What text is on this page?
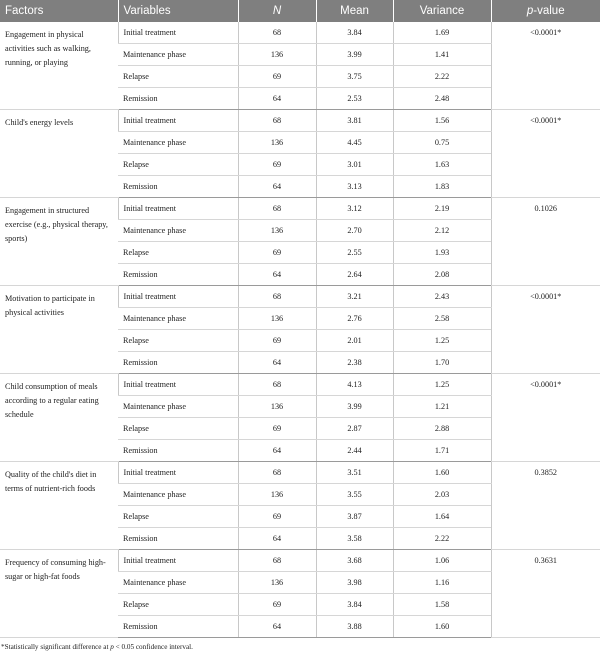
Factors	Variables	N	Mean	Variance	p-value
Engagement in physical activities such as walking, running, or playing	Initial treatment	68	3.84	1.69	<0.0001*
	Maintenance phase	136	3.99	1.41	
	Relapse	69	3.75	2.22	
	Remission	64	2.53	2.48	
Child's energy levels	Initial treatment	68	3.81	1.56	<0.0001*
	Maintenance phase	136	4.45	0.75	
	Relapse	69	3.01	1.63	
	Remission	64	3.13	1.83	
Engagement in structured exercise (e.g., physical therapy, sports)	Initial treatment	68	3.12	2.19	0.1026
	Maintenance phase	136	2.70	2.12	
	Relapse	69	2.55	1.93	
	Remission	64	2.64	2.08	
Motivation to participate in physical activities	Initial treatment	68	3.21	2.43	<0.0001*
	Maintenance phase	136	2.76	2.58	
	Relapse	69	2.01	1.25	
	Remission	64	2.38	1.70	
Child consumption of meals according to a regular eating schedule	Initial treatment	68	4.13	1.25	<0.0001*
	Maintenance phase	136	3.99	1.21	
	Relapse	69	2.87	2.88	
	Remission	64	2.44	1.71	
Quality of the child's diet in terms of nutrient-rich foods	Initial treatment	68	3.51	1.60	0.3852
	Maintenance phase	136	3.55	2.03	
	Relapse	69	3.87	1.64	
	Remission	64	3.58	2.22	
Frequency of consuming high-sugar or high-fat foods	Initial treatment	68	3.68	1.06	0.3631
	Maintenance phase	136	3.98	1.16	
	Relapse	69	3.84	1.58	
	Remission	64	3.88	1.60	
*Statistically significant difference at p < 0.05 confidence interval.
